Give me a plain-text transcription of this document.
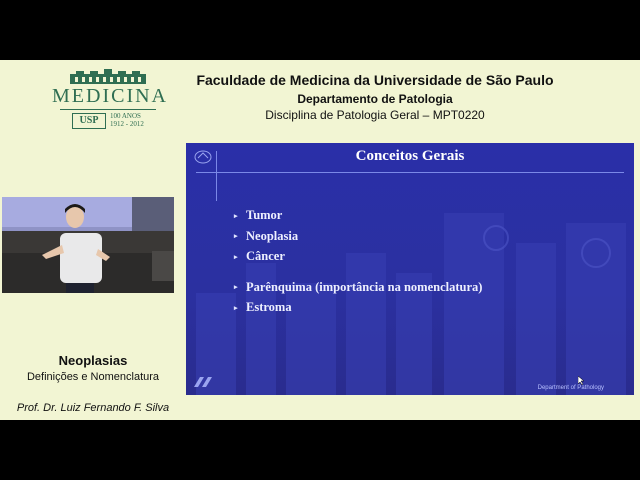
MEDICINA
USP	100 ANOS
1912 - 2012
Faculdade de Medicina da Universidade de São Paulo
Departamento de Patologia
Disciplina de Patologia Geral – MPT0220
Conceitos Gerais
▸ Tumor
▸ Neoplasia
▸ Câncer
▸ Parênquima (importância na nomenclatura)
▸ Estroma
Department of Pathology
Neoplasias
Definições e Nomenclatura
Prof. Dr. Luiz Fernando F. Silva
